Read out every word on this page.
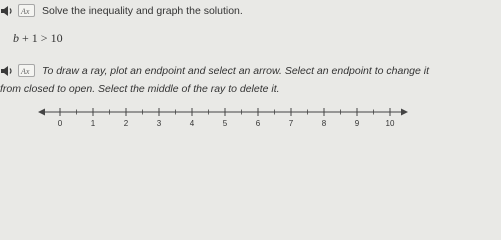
Ax Solve the inequality and graph the solution.
b + 1 > 10
Ax To draw a ray, plot an endpoint and select an arrow. Select an endpoint to change it
from closed to open. Select the middle of the ray to delete it.
0	1	2	3	4	5	6	7	8	9	10
